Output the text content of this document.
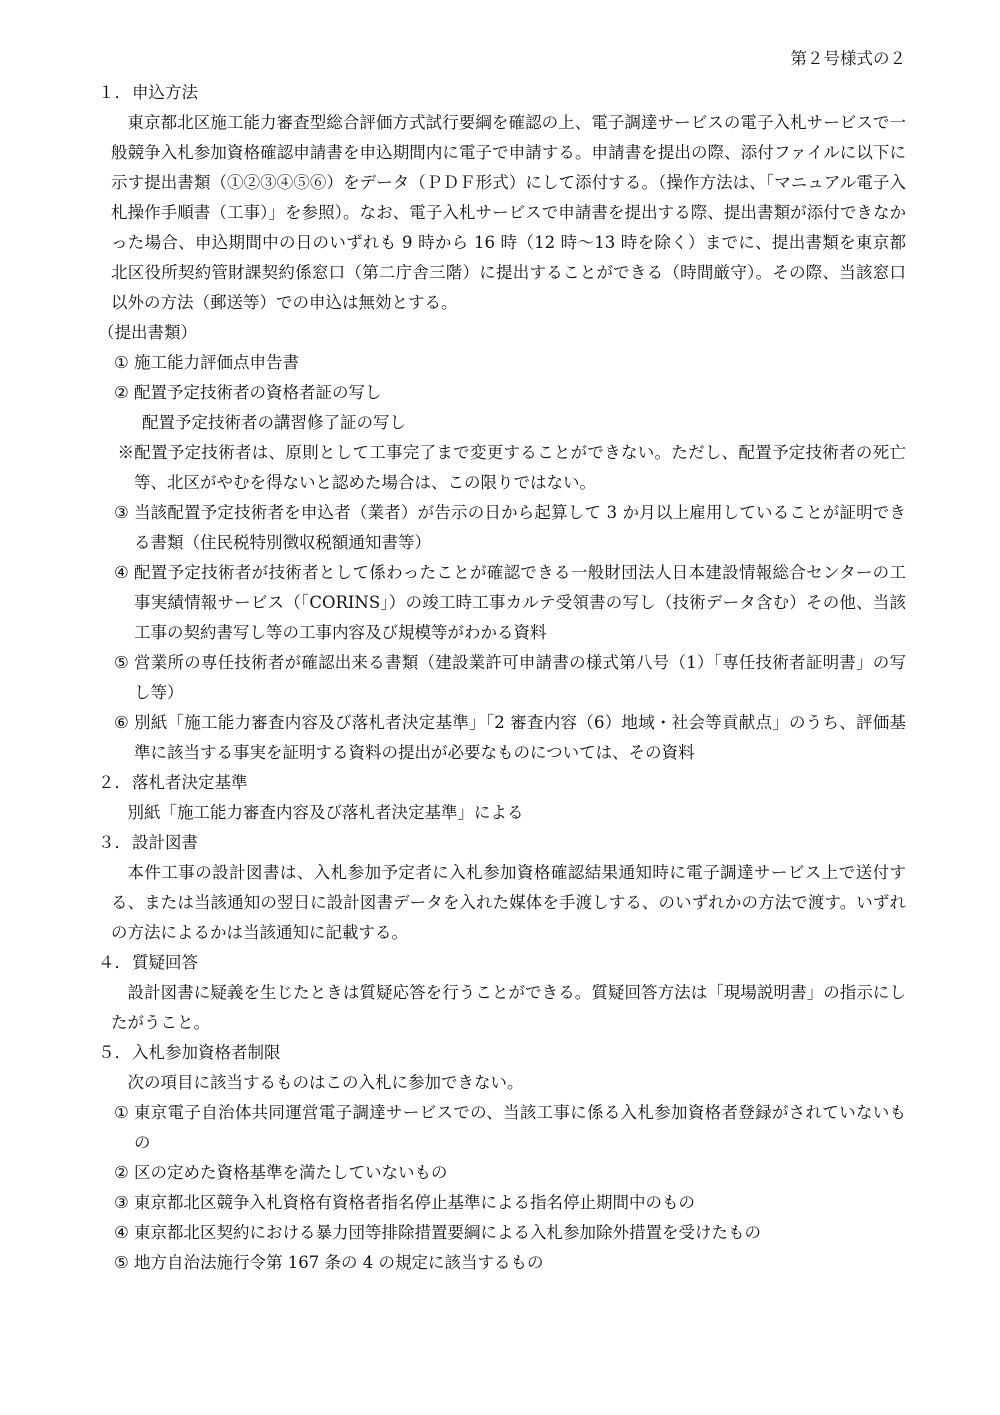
第２号様式の２

１．申込方法

東京都北区施工能力審査型総合評価方式試行要綱を確認の上、電子調達サービスの電子入札サービスで一般競争入札参加資格確認申請書を申込期間内に電子で申請する。申請書を提出の際、添付ファイルに以下に示す提出書類（①②③④⑤⑥）をデータ（ＰＤＦ形式）にして添付する。（操作方法は、「マニュアル電子入札操作手順書（工事）」を参照）。なお、電子入札サービスで申請書を提出する際、提出書類が添付できなかった場合、申込期間中の日のいずれも 9 時から 16 時（12 時～13 時を除く）までに、提出書類を東京都北区役所契約管財課契約係窓口（第二庁舎三階）に提出することができる（時間厳守）。その際、当該窓口以外の方法（郵送等）での申込は無効とする。

（提出書類）
① 施工能力評価点申告書
② 配置予定技術者の資格者証の写し
配置予定技術者の講習修了証の写し

※配置予定技術者は、原則として工事完了まで変更することができない。ただし、配置予定技術者の死亡等、北区がやむを得ないと認めた場合は、この限りではない。

③ 当該配置予定技術者を申込者（業者）が告示の日から起算して 3 か月以上雇用していることが証明できる書類（住民税特別徴収税額通知書等）
④ 配置予定技術者が技術者として係わったことが確認できる一般財団法人日本建設情報総合センターの工事実績情報サービス（「CORINS」）の竣工時工事カルテ受領書の写し（技術データ含む）その他、当該工事の契約書写し等の工事内容及び規模等がわかる資料
⑤ 営業所の専任技術者が確認出来る書類（建設業許可申請書の様式第八号（1）「専任技術者証明書」の写し等）
⑥ 別紙「施工能力審査内容及び落札者決定基準」「2 審査内容（6）地域・社会等貢献点」のうち、評価基準に該当する事実を証明する資料の提出が必要なものについては、その資料
２．落札者決定基準

別紙「施工能力審査内容及び落札者決定基準」による

３．設計図書

本件工事の設計図書は、入札参加予定者に入札参加資格確認結果通知時に電子調達サービス上で送付する、または当該通知の翌日に設計図書データを入れた媒体を手渡しする、のいずれかの方法で渡す。いずれの方法によるかは当該通知に記載する。

４．質疑回答

設計図書に疑義を生じたときは質疑応答を行うことができる。質疑回答方法は「現場説明書」の指示にしたがうこと。

５．入札参加資格者制限

次の項目に該当するものはこの入札に参加できない。

① 東京電子自治体共同運営電子調達サービスでの、当該工事に係る入札参加資格者登録がされていないもの
② 区の定めた資格基準を満たしていないもの
③ 東京都北区競争入札資格有資格者指名停止基準による指名停止期間中のもの
④ 東京都北区契約における暴力団等排除措置要綱による入札参加除外措置を受けたもの
⑤ 地方自治法施行令第 167 条の 4 の規定に該当するもの
